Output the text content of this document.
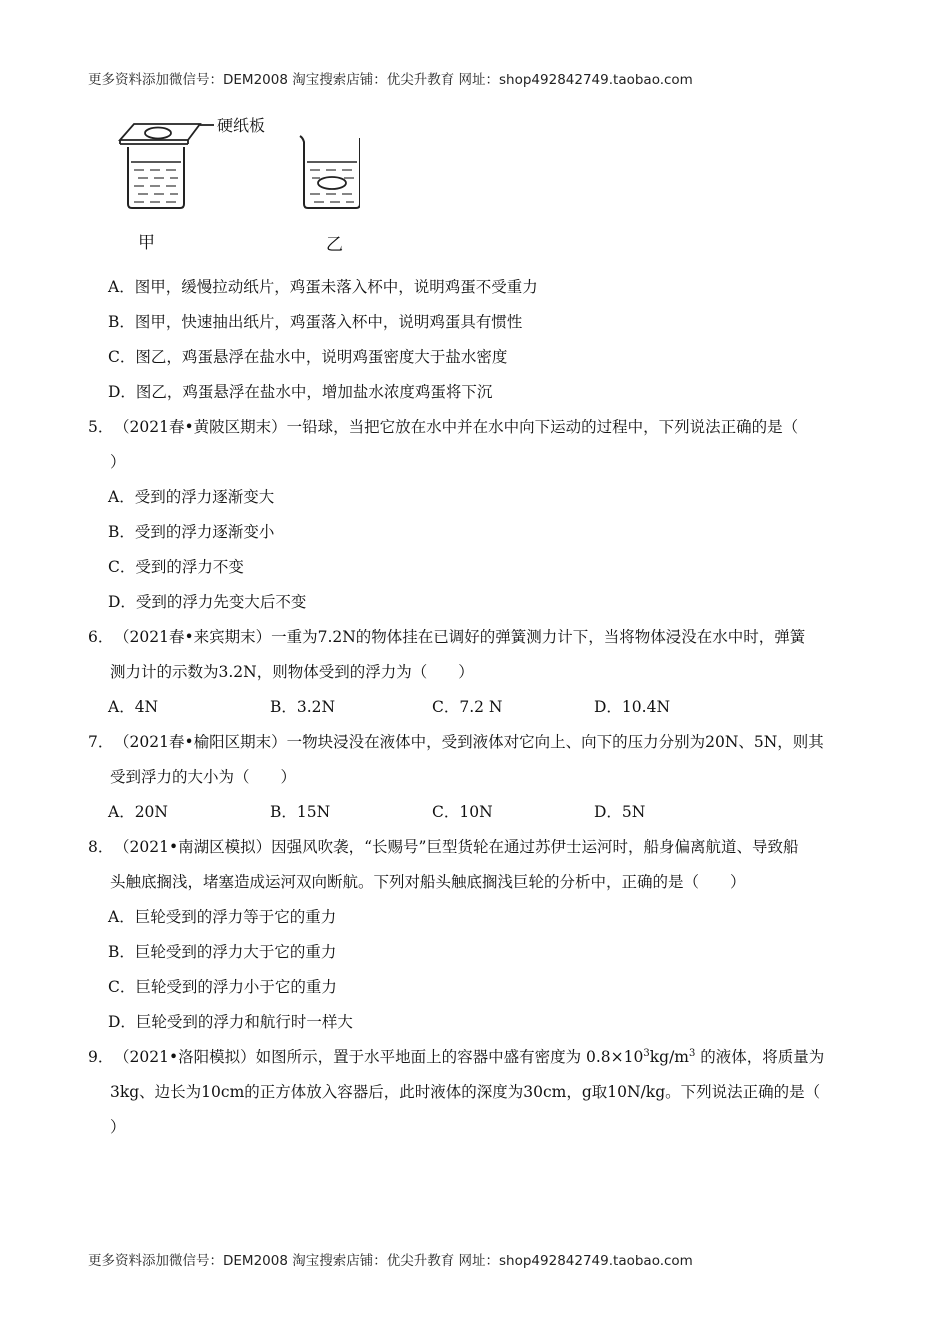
更多资料添加微信号：DEM2008 淘宝搜索店铺：优尖升教育 网址：shop492842749.taobao.com
硬纸板
甲	乙
A．图甲，缓慢拉动纸片，鸡蛋未落入杯中，说明鸡蛋不受重力
B．图甲，快速抽出纸片，鸡蛋落入杯中，说明鸡蛋具有惯性
C．图乙，鸡蛋悬浮在盐水中，说明鸡蛋密度大于盐水密度
D．图乙，鸡蛋悬浮在盐水中，增加盐水浓度鸡蛋将下沉
5．（2021春•黄陂区期末）一铅球，当把它放在水中并在水中向下运动的过程中，下列说法正确的是（
）
A．受到的浮力逐渐变大
B．受到的浮力逐渐变小
C．受到的浮力不变
D．受到的浮力先变大后不变
6．（2021春•来宾期末）一重为7.2N的物体挂在已调好的弹簧测力计下，当将物体浸没在水中时，弹簧
测力计的示数为3.2N，则物体受到的浮力为（　　）
A．4N	B．3.2N	C．7.2 N	D．10.4N
7．（2021春•榆阳区期末）一物块浸没在液体中，受到液体对它向上、向下的压力分别为20N、5N，则其
受到浮力的大小为（　　）
A．20N	B．15N	C．10N	D．5N
8．（2021•南湖区模拟）因强风吹袭，“长赐号”巨型货轮在通过苏伊士运河时，船身偏离航道、导致船
头触底搁浅，堵塞造成运河双向断航。下列对船头触底搁浅巨轮的分析中，正确的是（　　）
A．巨轮受到的浮力等于它的重力
B．巨轮受到的浮力大于它的重力
C．巨轮受到的浮力小于它的重力
D．巨轮受到的浮力和航行时一样大
9．（2021•洛阳模拟）如图所示，置于水平地面上的容器中盛有密度为 $0.8\times 10^3kg/m^3$ 的液体，将质量为
3kg、边长为10cm的正方体放入容器后，此时液体的深度为30cm，g取10N/kg。下列说法正确的是（
）
更多资料添加微信号：DEM2008 淘宝搜索店铺：优尖升教育 网址：shop492842749.taobao.com
